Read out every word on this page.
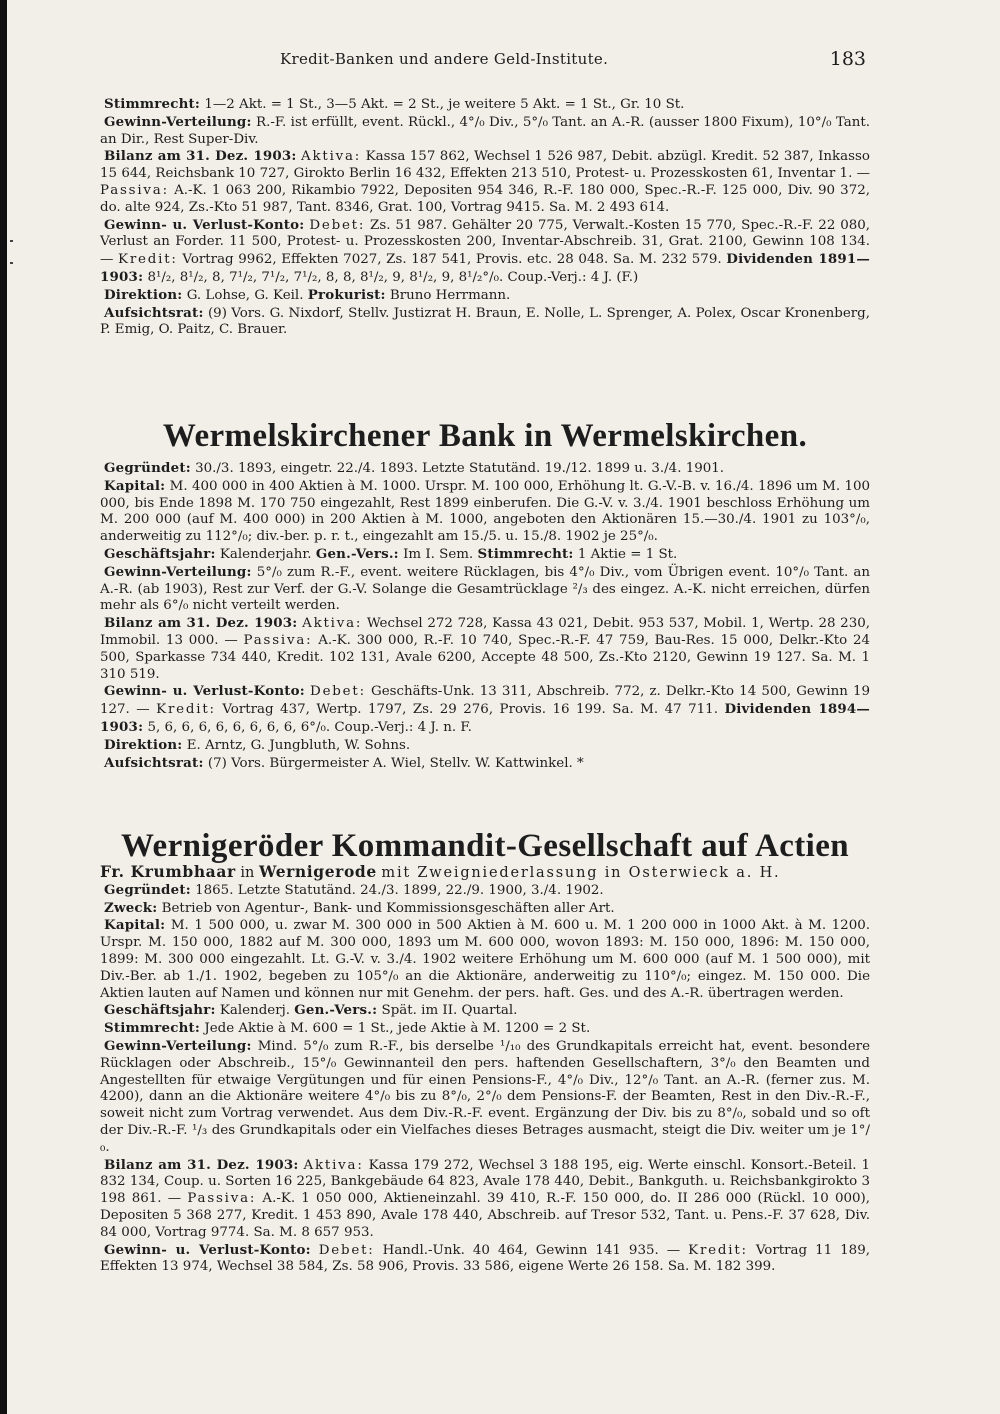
Kredit-Banken und andere Geld-Institute.	183

Stimmrecht: 1—2 Akt. = 1 St., 3—5 Akt. = 2 St., je weitere 5 Akt. = 1 St., Gr. 10 St.

Gewinn-Verteilung: R.-F. ist erfüllt, event. Rückl., 4°/₀ Div., 5°/₀ Tant. an A.-R. (ausser 1800 Fixum), 10°/₀ Tant. an Dir., Rest Super-Div.

Bilanz am 31. Dez. 1903: Aktiva: Kassa 157 862, Wechsel 1 526 987, Debit. abzügl. Kredit. 52 387, Inkasso 15 644, Reichsbank 10 727, Girokto Berlin 16 432, Effekten 213 510, Protest- u. Prozesskosten 61, Inventar 1. — Passiva: A.-K. 1 063 200, Rikambio 7922, Depositen 954 346, R.-F. 180 000, Spec.-R.-F. 125 000, Div. 90 372, do. alte 924, Zs.-Kto 51 987, Tant. 8346, Grat. 100, Vortrag 9415. Sa. M. 2 493 614.

Gewinn- u. Verlust-Konto: Debet: Zs. 51 987. Gehälter 20 775, Verwalt.-Kosten 15 770, Spec.-R.-F. 22 080, Verlust an Forder. 11 500, Protest- u. Prozesskosten 200, Inventar-Abschreib. 31, Grat. 2100, Gewinn 108 134. — Kredit: Vortrag 9962, Effekten 7027, Zs. 187 541, Provis. etc. 28 048. Sa. M. 232 579. Dividenden 1891—1903: 8¹/₂, 8¹/₂, 8, 7¹/₂, 7¹/₂, 7¹/₂, 8, 8, 8¹/₂, 9, 8¹/₂, 9, 8¹/₂°/₀. Coup.-Verj.: 4 J. (F.)

Direktion: G. Lohse, G. Keil. Prokurist: Bruno Herrmann.

Aufsichtsrat: (9) Vors. G. Nixdorf, Stellv. Justizrat H. Braun, E. Nolle, L. Sprenger, A. Polex, Oscar Kronenberg, P. Emig, O. Paitz, C. Brauer.

Wermelskirchener Bank in Wermelskirchen.

Gegründet: 30./3. 1893, eingetr. 22./4. 1893. Letzte Statutänd. 19./12. 1899 u. 3./4. 1901.

Kapital: M. 400 000 in 400 Aktien à M. 1000. Urspr. M. 100 000, Erhöhung lt. G.-V.-B. v. 16./4. 1896 um M. 100 000, bis Ende 1898 M. 170 750 eingezahlt, Rest 1899 einberufen. Die G.-V. v. 3./4. 1901 beschloss Erhöhung um M. 200 000 (auf M. 400 000) in 200 Aktien à M. 1000, angeboten den Aktionären 15.—30./4. 1901 zu 103°/₀, anderweitig zu 112°/₀; div.-ber. p. r. t., eingezahlt am 15./5. u. 15./8. 1902 je 25°/₀.

Geschäftsjahr: Kalenderjahr. Gen.-Vers.: Im I. Sem. Stimmrecht: 1 Aktie = 1 St.

Gewinn-Verteilung: 5°/₀ zum R.-F., event. weitere Rücklagen, bis 4°/₀ Div., vom Übrigen event. 10°/₀ Tant. an A.-R. (ab 1903), Rest zur Verf. der G.-V. Solange die Gesamtrücklage ²/₃ des eingez. A.-K. nicht erreichen, dürfen mehr als 6°/₀ nicht verteilt werden.

Bilanz am 31. Dez. 1903: Aktiva: Wechsel 272 728, Kassa 43 021, Debit. 953 537, Mobil. 1, Wertp. 28 230, Immobil. 13 000. — Passiva: A.-K. 300 000, R.-F. 10 740, Spec.-R.-F. 47 759, Bau-Res. 15 000, Delkr.-Kto 24 500, Sparkasse 734 440, Kredit. 102 131, Avale 6200, Accepte 48 500, Zs.-Kto 2120, Gewinn 19 127. Sa. M. 1 310 519.

Gewinn- u. Verlust-Konto: Debet: Geschäfts-Unk. 13 311, Abschreib. 772, z. Delkr.-Kto 14 500, Gewinn 19 127. — Kredit: Vortrag 437, Wertp. 1797, Zs. 29 276, Provis. 16 199. Sa. M. 47 711. Dividenden 1894—1903: 5, 6, 6, 6, 6, 6, 6, 6, 6, 6°/₀. Coup.-Verj.: 4 J. n. F.

Direktion: E. Arntz, G. Jungbluth, W. Sohns.

Aufsichtsrat: (7) Vors. Bürgermeister A. Wiel, Stellv. W. Kattwinkel. *

Wernigeröder Kommandit-Gesellschaft auf Actien

Fr. Krumbhaar in Wernigerode mit Zweigniederlassung in Osterwieck a. H.

Gegründet: 1865. Letzte Statutänd. 24./3. 1899, 22./9. 1900, 3./4. 1902.

Zweck: Betrieb von Agentur-, Bank- und Kommissionsgeschäften aller Art.

Kapital: M. 1 500 000, u. zwar M. 300 000 in 500 Aktien à M. 600 u. M. 1 200 000 in 1000 Akt. à M. 1200. Urspr. M. 150 000, 1882 auf M. 300 000, 1893 um M. 600 000, wovon 1893: M. 150 000, 1896: M. 150 000, 1899: M. 300 000 eingezahlt. Lt. G.-V. v. 3./4. 1902 weitere Erhöhung um M. 600 000 (auf M. 1 500 000), mit Div.-Ber. ab 1./1. 1902, begeben zu 105°/₀ an die Aktionäre, anderweitig zu 110°/₀; eingez. M. 150 000. Die Aktien lauten auf Namen und können nur mit Genehm. der pers. haft. Ges. und des A.-R. übertragen werden.

Geschäftsjahr: Kalenderj. Gen.-Vers.: Spät. im II. Quartal.

Stimmrecht: Jede Aktie à M. 600 = 1 St., jede Aktie à M. 1200 = 2 St.

Gewinn-Verteilung: Mind. 5°/₀ zum R.-F., bis derselbe ¹/₁₀ des Grundkapitals erreicht hat, event. besondere Rücklagen oder Abschreib., 15°/₀ Gewinnanteil den pers. haftenden Gesellschaftern, 3°/₀ den Beamten und Angestellten für etwaige Vergütungen und für einen Pensions-F., 4°/₀ Div., 12°/₀ Tant. an A.-R. (ferner zus. M. 4200), dann an die Aktionäre weitere 4°/₀ bis zu 8°/₀, 2°/₀ dem Pensions-F. der Beamten, Rest in den Div.-R.-F., soweit nicht zum Vortrag verwendet. Aus dem Div.-R.-F. event. Ergänzung der Div. bis zu 8°/₀, sobald und so oft der Div.-R.-F. ¹/₃ des Grundkapitals oder ein Vielfaches dieses Betrages ausmacht, steigt die Div. weiter um je 1°/₀.

Bilanz am 31. Dez. 1903: Aktiva: Kassa 179 272, Wechsel 3 188 195, eig. Werte einschl. Konsort.-Beteil. 1 832 134, Coup. u. Sorten 16 225, Bankgebäude 64 823, Avale 178 440, Debit., Bankguth. u. Reichsbankgirokto 3 198 861. — Passiva: A.-K. 1 050 000, Aktieneinzahl. 39 410, R.-F. 150 000, do. II 286 000 (Rückl. 10 000), Depositen 5 368 277, Kredit. 1 453 890, Avale 178 440, Abschreib. auf Tresor 532, Tant. u. Pens.-F. 37 628, Div. 84 000, Vortrag 9774. Sa. M. 8 657 953.

Gewinn- u. Verlust-Konto: Debet: Handl.-Unk. 40 464, Gewinn 141 935. — Kredit: Vortrag 11 189, Effekten 13 974, Wechsel 38 584, Zs. 58 906, Provis. 33 586, eigene Werte 26 158. Sa. M. 182 399.
